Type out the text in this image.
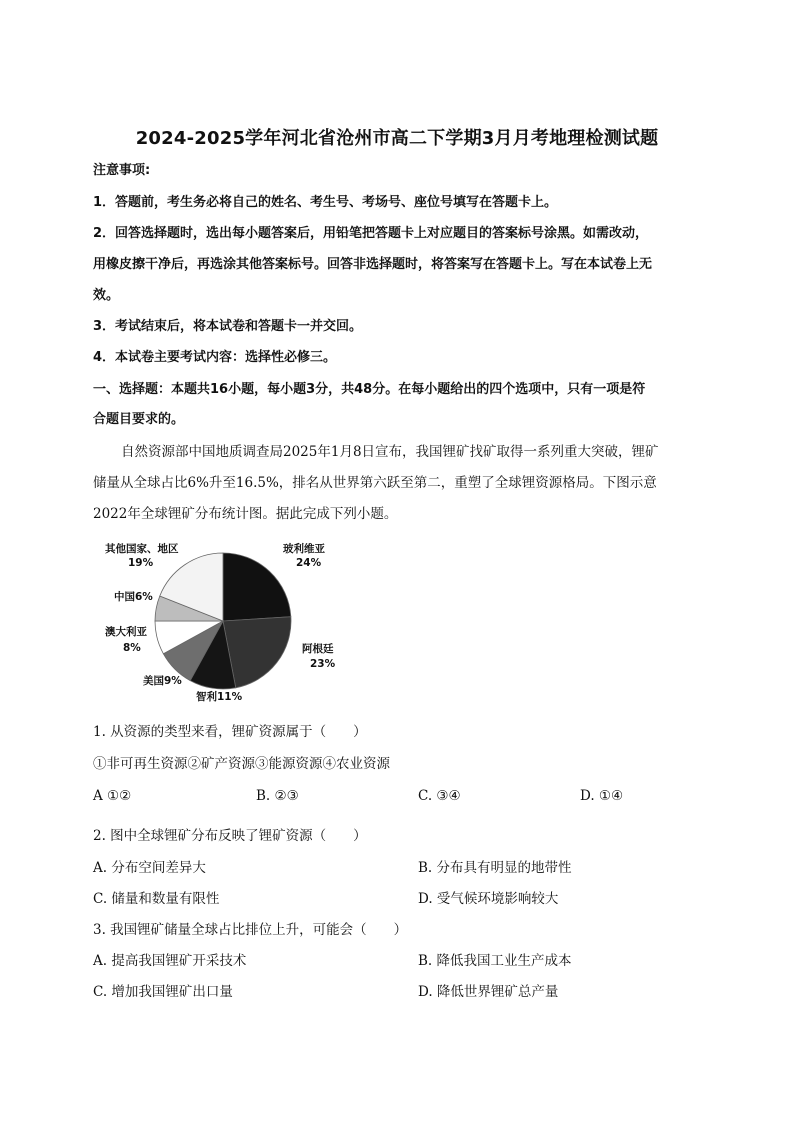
2024-2025学年河北省沧州市高二下学期3月月考地理检测试题
注意事项:
1．答题前，考生务必将自己的姓名、考生号、考场号、座位号填写在答题卡上。
2．回答选择题时，选出每小题答案后，用铅笔把答题卡上对应题目的答案标号涂黑。如需改动，
用橡皮擦干净后，再选涂其他答案标号。回答非选择题时，将答案写在答题卡上。写在本试卷上无
效。
3．考试结束后，将本试卷和答题卡一并交回。
4．本试卷主要考试内容：选择性必修三。
一、选择题：本题共16小题，每小题3分，共48分。在每小题给出的四个选项中，只有一项是符
合题目要求的。
自然资源部中国地质调查局2025年1月8日宣布，我国锂矿找矿取得一系列重大突破，锂矿
储量从全球占比6%升至16.5%，排名从世界第六跃至第二，重塑了全球锂资源格局。下图示意
2022年全球锂矿分布统计图。据此完成下列小题。
其他国家、地区
19%
玻利维亚
24%
中国6%
澳大利亚
8%	阿根廷
23%
美国9%
智利11%
1. 从资源的类型来看，锂矿资源属于（　　）
①非可再生资源②矿产资源③能源资源④农业资源
A ①②	B. ②③	C. ③④	D. ①④
2. 图中全球锂矿分布反映了锂矿资源（　　）
A. 分布空间差异大	B. 分布具有明显的地带性
C. 储量和数量有限性	D. 受气候环境影响较大
3. 我国锂矿储量全球占比排位上升，可能会（　　）
A. 提高我国锂矿开采技术	B. 降低我国工业生产成本
C. 增加我国锂矿出口量	D. 降低世界锂矿总产量
